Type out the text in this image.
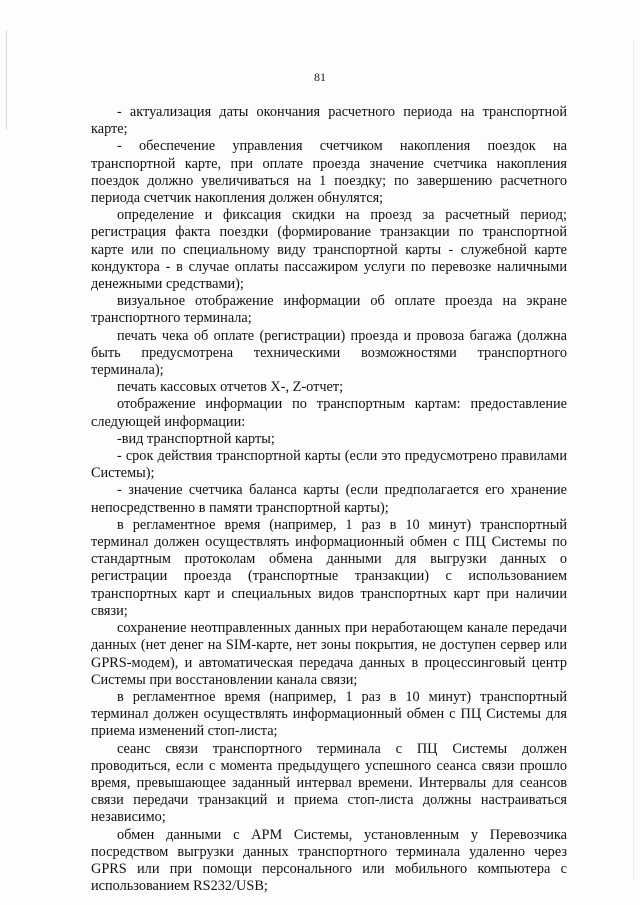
81

- актуализация даты окончания расчетного периода на транспортной карте;

- обеспечение управления счетчиком накопления поездок на транспортной карте, при оплате проезда значение счетчика накопления поездок должно увеличиваться на 1 поездку; по завершению расчетного периода счетчик накопления должен обнулятся;

определение и фиксация скидки на проезд за расчетный период; регистрация факта поездки (формирование транзакции по транспортной карте или по специальному виду транспортной карты - служебной карте кондуктора - в случае оплаты пассажиром услуги по перевозке наличными денежными средствами);

визуальное отображение информации об оплате проезда на экране транспортного терминала;

печать чека об оплате (регистрации) проезда и провоза багажа (должна быть предусмотрена техническими возможностями транспортного терминала);

печать кассовых отчетов X-, Z-отчет;

отображение информации по транспортным картам: предоставление следующей информации:

-вид транспортной карты;

- срок действия транспортной карты (если это предусмотрено правилами Системы);

- значение счетчика баланса карты (если предполагается его хранение непосредственно в памяти транспортной карты);

в регламентное время (например, 1 раз в 10 минут) транспортный терминал должен осуществлять информационный обмен с ПЦ Системы по стандартным протоколам обмена данными для выгрузки данных о регистрации проезда (транспортные транзакции) с использованием транспортных карт и специальных видов транспортных карт при наличии связи;

сохранение неотправленных данных при неработающем канале передачи данных (нет денег на SIM-карте, нет зоны покрытия, не доступен сервер или GPRS-модем), и автоматическая передача данных в процессинговый центр Системы при восстановлении канала связи;

в регламентное время (например, 1 раз в 10 минут) транспортный терминал должен осуществлять информационный обмен с ПЦ Системы для приема изменений стоп-листа;

сеанс связи транспортного терминала с ПЦ Системы должен проводиться, если с момента предыдущего успешного сеанса связи прошло время, превышающее заданный интервал времени. Интервалы для сеансов связи передачи транзакций и приема стоп-листа должны настраиваться независимо;

обмен данными с АРМ Системы, установленным у Перевозчика посредством выгрузки данных транспортного терминала удаленно через GPRS или при помощи персонального или мобильного компьютера с использованием RS232/USB;
